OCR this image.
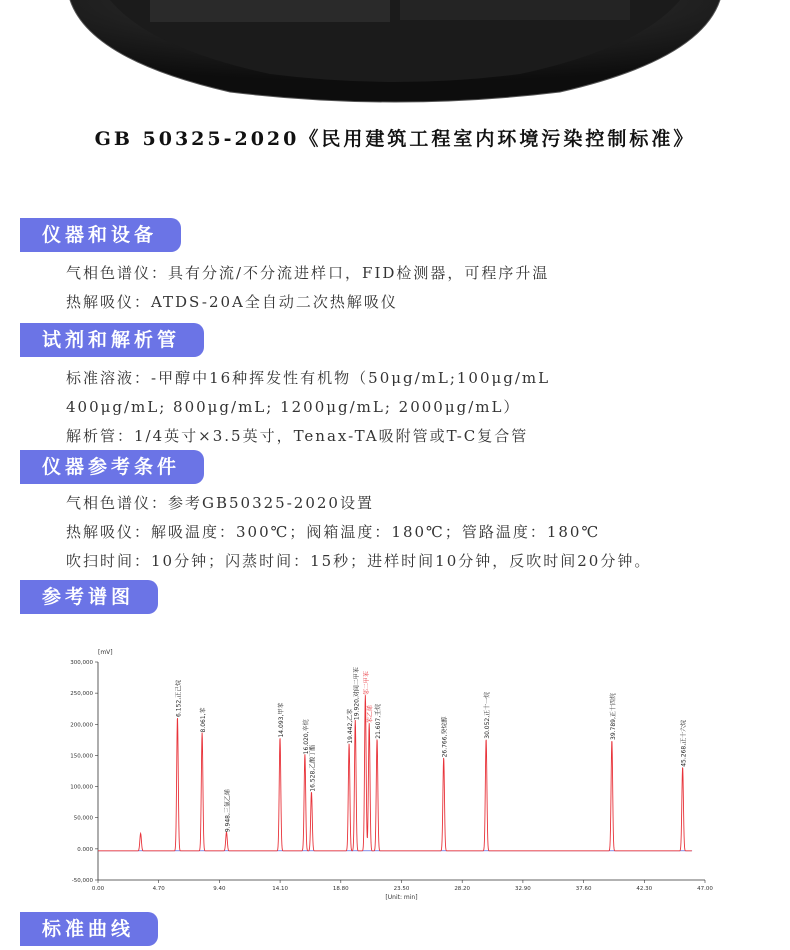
GB 50325-2020《民用建筑工程室内环境污染控制标准》
仪器和设备
气相色谱仪：具有分流/不分流进样口，FID检测器，可程序升温
热解吸仪：ATDS-20A全自动二次热解吸仪
试剂和解析管
标准溶液：-甲醇中16种挥发性有机物（50μg/mL;100μg/mL
400μg/mL; 800μg/mL; 1200μg/mL; 2000μg/mL）
解析管：1/4英寸×3.5英寸，Tenax-TA吸附管或T-C复合管
仪器参考条件
气相色谱仪：参考GB50325-2020设置
热解吸仪：解吸温度：300℃；阀箱温度：180℃；管路温度：180℃
吹扫时间：10分钟；闪蒸时间：15秒；进样时间10分钟，反吹时间20分钟。
参考谱图
[mV]
300,000
250,000
200,000
150,000
100,000
50,000
0.000
-50,000
0.00	4.70	9.40	14.10	18.80	23.50	28.20	32.90	37.60	42.30	47.00
[Unit: min]
6.152,正己烷
8.061,苯
9.948,三氯乙烯
14.093,甲苯	16.020,辛烷
16.528,乙酸丁酯
19.442,乙苯
19.920,对间二甲苯 邻二甲苯
苯乙烯 21.607,壬烷	26.766,癸烷醇	30.052,正十一烷	39.789,正十四烷
45.268,正十六烷
标准曲线
